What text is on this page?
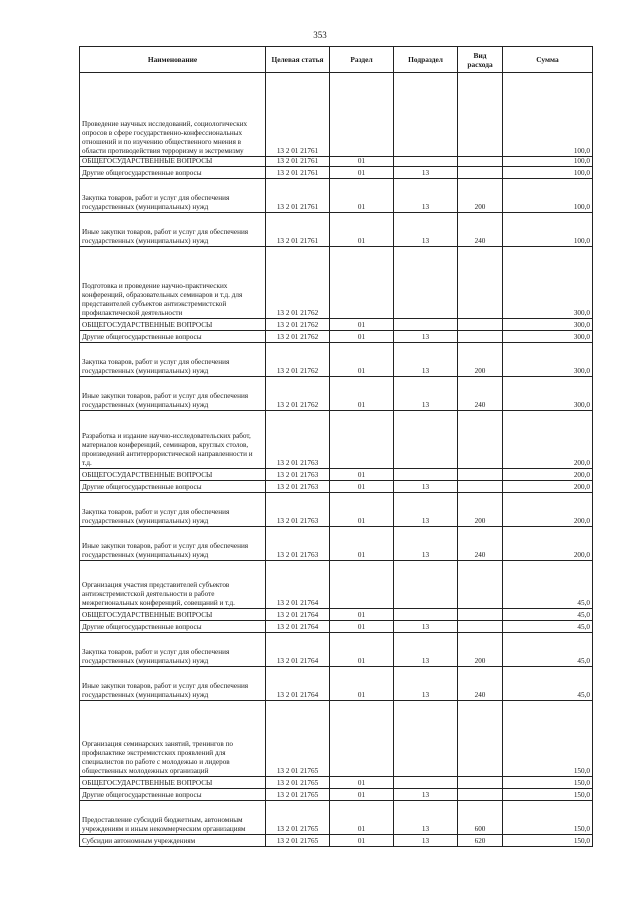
353
Наименование	Целевая статья	Раздел	Подраздел	Вид расхода	Сумма
Проведение научных исследований, социологических опросов в сфере государственно-конфессиональных отношений и по изучению общественного мнения в области противодействия терроризму и экстремизму	13 2 01 21761				100,0
ОБЩЕГОСУДАРСТВЕННЫЕ ВОПРОСЫ	13 2 01 21761	01			100,0
Другие общегосударственные вопросы	13 2 01 21761	01	13		100,0
Закупка товаров, работ и услуг для обеспечения государственных (муниципальных) нужд	13 2 01 21761	01	13	200	100,0
Иные закупки товаров, работ и услуг для обеспечения государственных (муниципальных) нужд	13 2 01 21761	01	13	240	100,0
Подготовка и проведение научно-практических конференций, образовательных семинаров и т.д. для представителей субъектов антиэкстремистской профилактической деятельности	13 2 01 21762				300,0
ОБЩЕГОСУДАРСТВЕННЫЕ ВОПРОСЫ	13 2 01 21762	01			300,0
Другие общегосударственные вопросы	13 2 01 21762	01	13		300,0
Закупка товаров, работ и услуг для обеспечения государственных (муниципальных) нужд	13 2 01 21762	01	13	200	300,0
Иные закупки товаров, работ и услуг для обеспечения государственных (муниципальных) нужд	13 2 01 21762	01	13	240	300,0
Разработка и издание научно-исследовательских работ, материалов конференций, семинаров, круглых столов, произведений антитеррористической направленности и т.д.	13 2 01 21763				200,0
ОБЩЕГОСУДАРСТВЕННЫЕ ВОПРОСЫ	13 2 01 21763	01			200,0
Другие общегосударственные вопросы	13 2 01 21763	01	13		200,0
Закупка товаров, работ и услуг для обеспечения государственных (муниципальных) нужд	13 2 01 21763	01	13	200	200,0
Иные закупки товаров, работ и услуг для обеспечения государственных (муниципальных) нужд	13 2 01 21763	01	13	240	200,0
Организация участия представителей субъектов антиэкстремистской деятельности в работе межрегиональных конференций, совещаний и т.д.	13 2 01 21764				45,0
ОБЩЕГОСУДАРСТВЕННЫЕ ВОПРОСЫ	13 2 01 21764	01			45,0
Другие общегосударственные вопросы	13 2 01 21764	01	13		45,0
Закупка товаров, работ и услуг для обеспечения государственных (муниципальных) нужд	13 2 01 21764	01	13	200	45,0
Иные закупки товаров, работ и услуг для обеспечения государственных (муниципальных) нужд	13 2 01 21764	01	13	240	45,0
Организация семинарских занятий, тренингов по профилактике экстремистских проявлений для специалистов по работе с молодежью и лидеров общественных молодежных организаций	13 2 01 21765				150,0
ОБЩЕГОСУДАРСТВЕННЫЕ ВОПРОСЫ	13 2 01 21765	01			150,0
Другие общегосударственные вопросы	13 2 01 21765	01	13		150,0
Предоставление субсидий бюджетным, автономным учреждениям и иным некоммерческим организациям	13 2 01 21765	01	13	600	150,0
Субсидии автономным учреждениям	13 2 01 21765	01	13	620	150,0
